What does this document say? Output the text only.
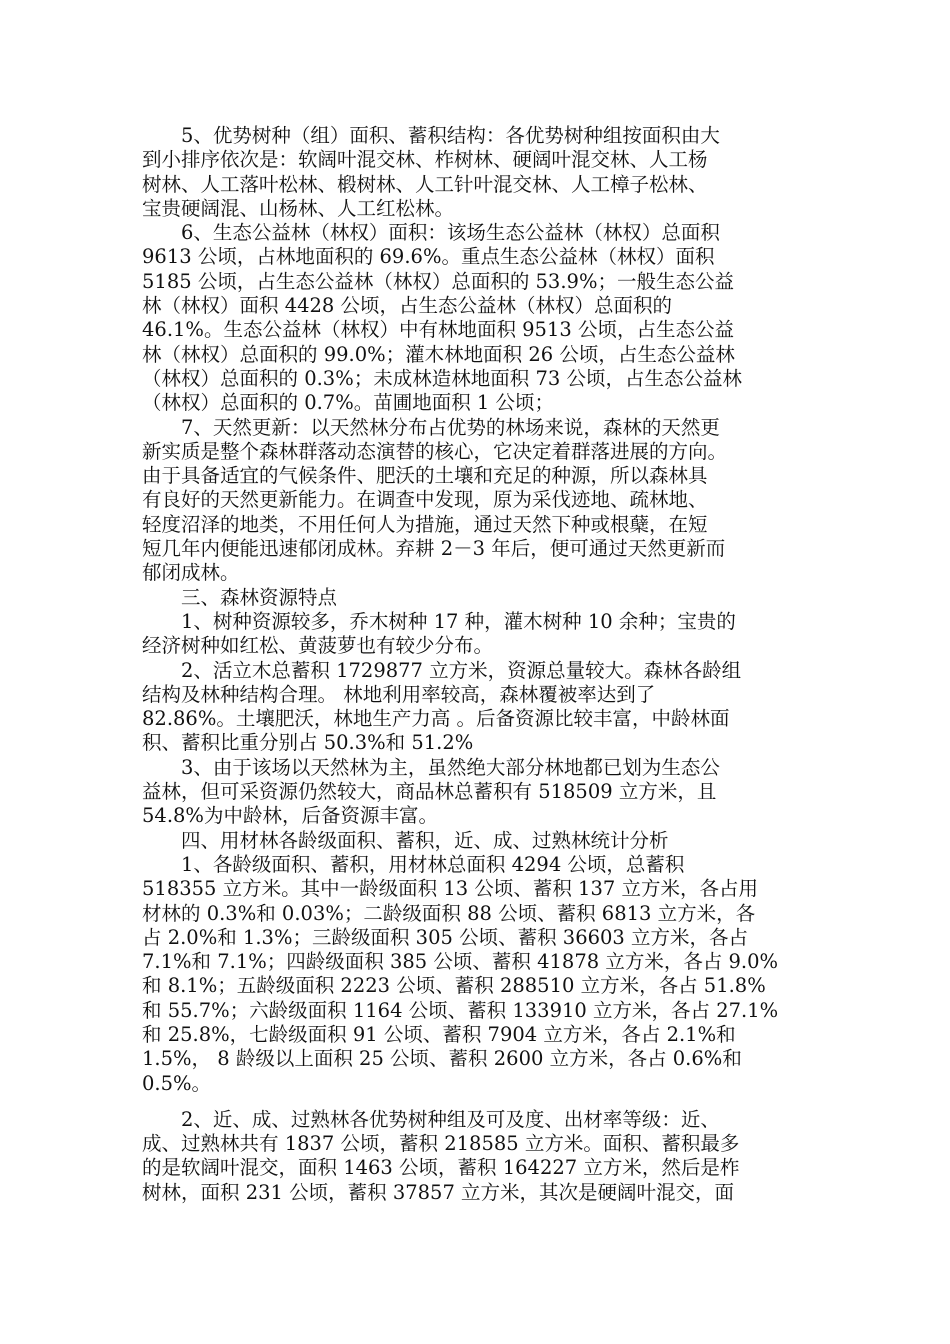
　　5、优势树种（组）面积、蓄积结构：各优势树种组按面积由大
到小排序依次是：软阔叶混交林、柞树林、硬阔叶混交林、人工杨
树林、人工落叶松林、椴树林、人工针叶混交林、人工樟子松林、
宝贵硬阔混、山杨林、人工红松林。
　　6、生态公益林（林权）面积：该场生态公益林（林权）总面积
9613 公顷，占林地面积的 69.6%。重点生态公益林（林权）面积
5185 公顷，占生态公益林（林权）总面积的 53.9%；一般生态公益
林（林权）面积 4428 公顷，占生态公益林（林权）总面积的
46.1%。生态公益林（林权）中有林地面积 9513 公顷，占生态公益
林（林权）总面积的 99.0%；灌木林地面积 26 公顷，占生态公益林
（林权）总面积的 0.3%；未成林造林地面积 73 公顷，占生态公益林
（林权）总面积的 0.7%。苗圃地面积 1 公顷；
　　7、天然更新：以天然林分布占优势的林场来说，森林的天然更
新实质是整个森林群落动态演替的核心，它决定着群落进展的方向。
由于具备适宜的气候条件、肥沃的土壤和充足的种源，所以森林具
有良好的天然更新能力。在调查中发现，原为采伐迹地、疏林地、
轻度沼泽的地类，不用任何人为措施，通过天然下种或根蘖，在短
短几年内便能迅速郁闭成林。弃耕 2－3 年后，便可通过天然更新而
郁闭成林。
　　三、森林资源特点
　　1、树种资源较多，乔木树种 17 种，灌木树种 10 余种；宝贵的
经济树种如红松、黄菠萝也有较少分布。
　　2、活立木总蓄积 1729877 立方米，资源总量较大。森林各龄组
结构及林种结构合理。 林地利用率较高，森林覆被率达到了
82.86%。土壤肥沃，林地生产力高 。后备资源比较丰富，中龄林面
积、蓄积比重分别占 50.3%和 51.2%
　　3、由于该场以天然林为主，虽然绝大部分林地都已划为生态公
益林，但可采资源仍然较大，商品林总蓄积有 518509 立方米，且
54.8%为中龄林，后备资源丰富。
　　四、用材林各龄级面积、蓄积，近、成、过熟林统计分析
　　1、各龄级面积、蓄积，用材林总面积 4294 公顷，总蓄积
518355 立方米。其中一龄级面积 13 公顷、蓄积 137 立方米，各占用
材林的 0.3%和 0.03%；二龄级面积 88 公顷、蓄积 6813 立方米，各
占 2.0%和 1.3%；三龄级面积 305 公顷、蓄积 36603 立方米，各占
7.1%和 7.1%；四龄级面积 385 公顷、蓄积 41878 立方米，各占 9.0%
和 8.1%；五龄级面积 2223 公顷、蓄积 288510 立方米，各占 51.8%
和 55.7%；六龄级面积 1164 公顷、蓄积 133910 立方米，各占 27.1%
和 25.8%，七龄级面积 91 公顷、蓄积 7904 立方米，各占 2.1%和
1.5%， 8 龄级以上面积 25 公顷、蓄积 2600 立方米，各占 0.6%和
0.5%。
　　2、近、成、过熟林各优势树种组及可及度、出材率等级：近、
成、过熟林共有 1837 公顷，蓄积 218585 立方米。面积、蓄积最多
的是软阔叶混交，面积 1463 公顷，蓄积 164227 立方米，然后是柞
树林，面积 231 公顷，蓄积 37857 立方米，其次是硬阔叶混交，面
